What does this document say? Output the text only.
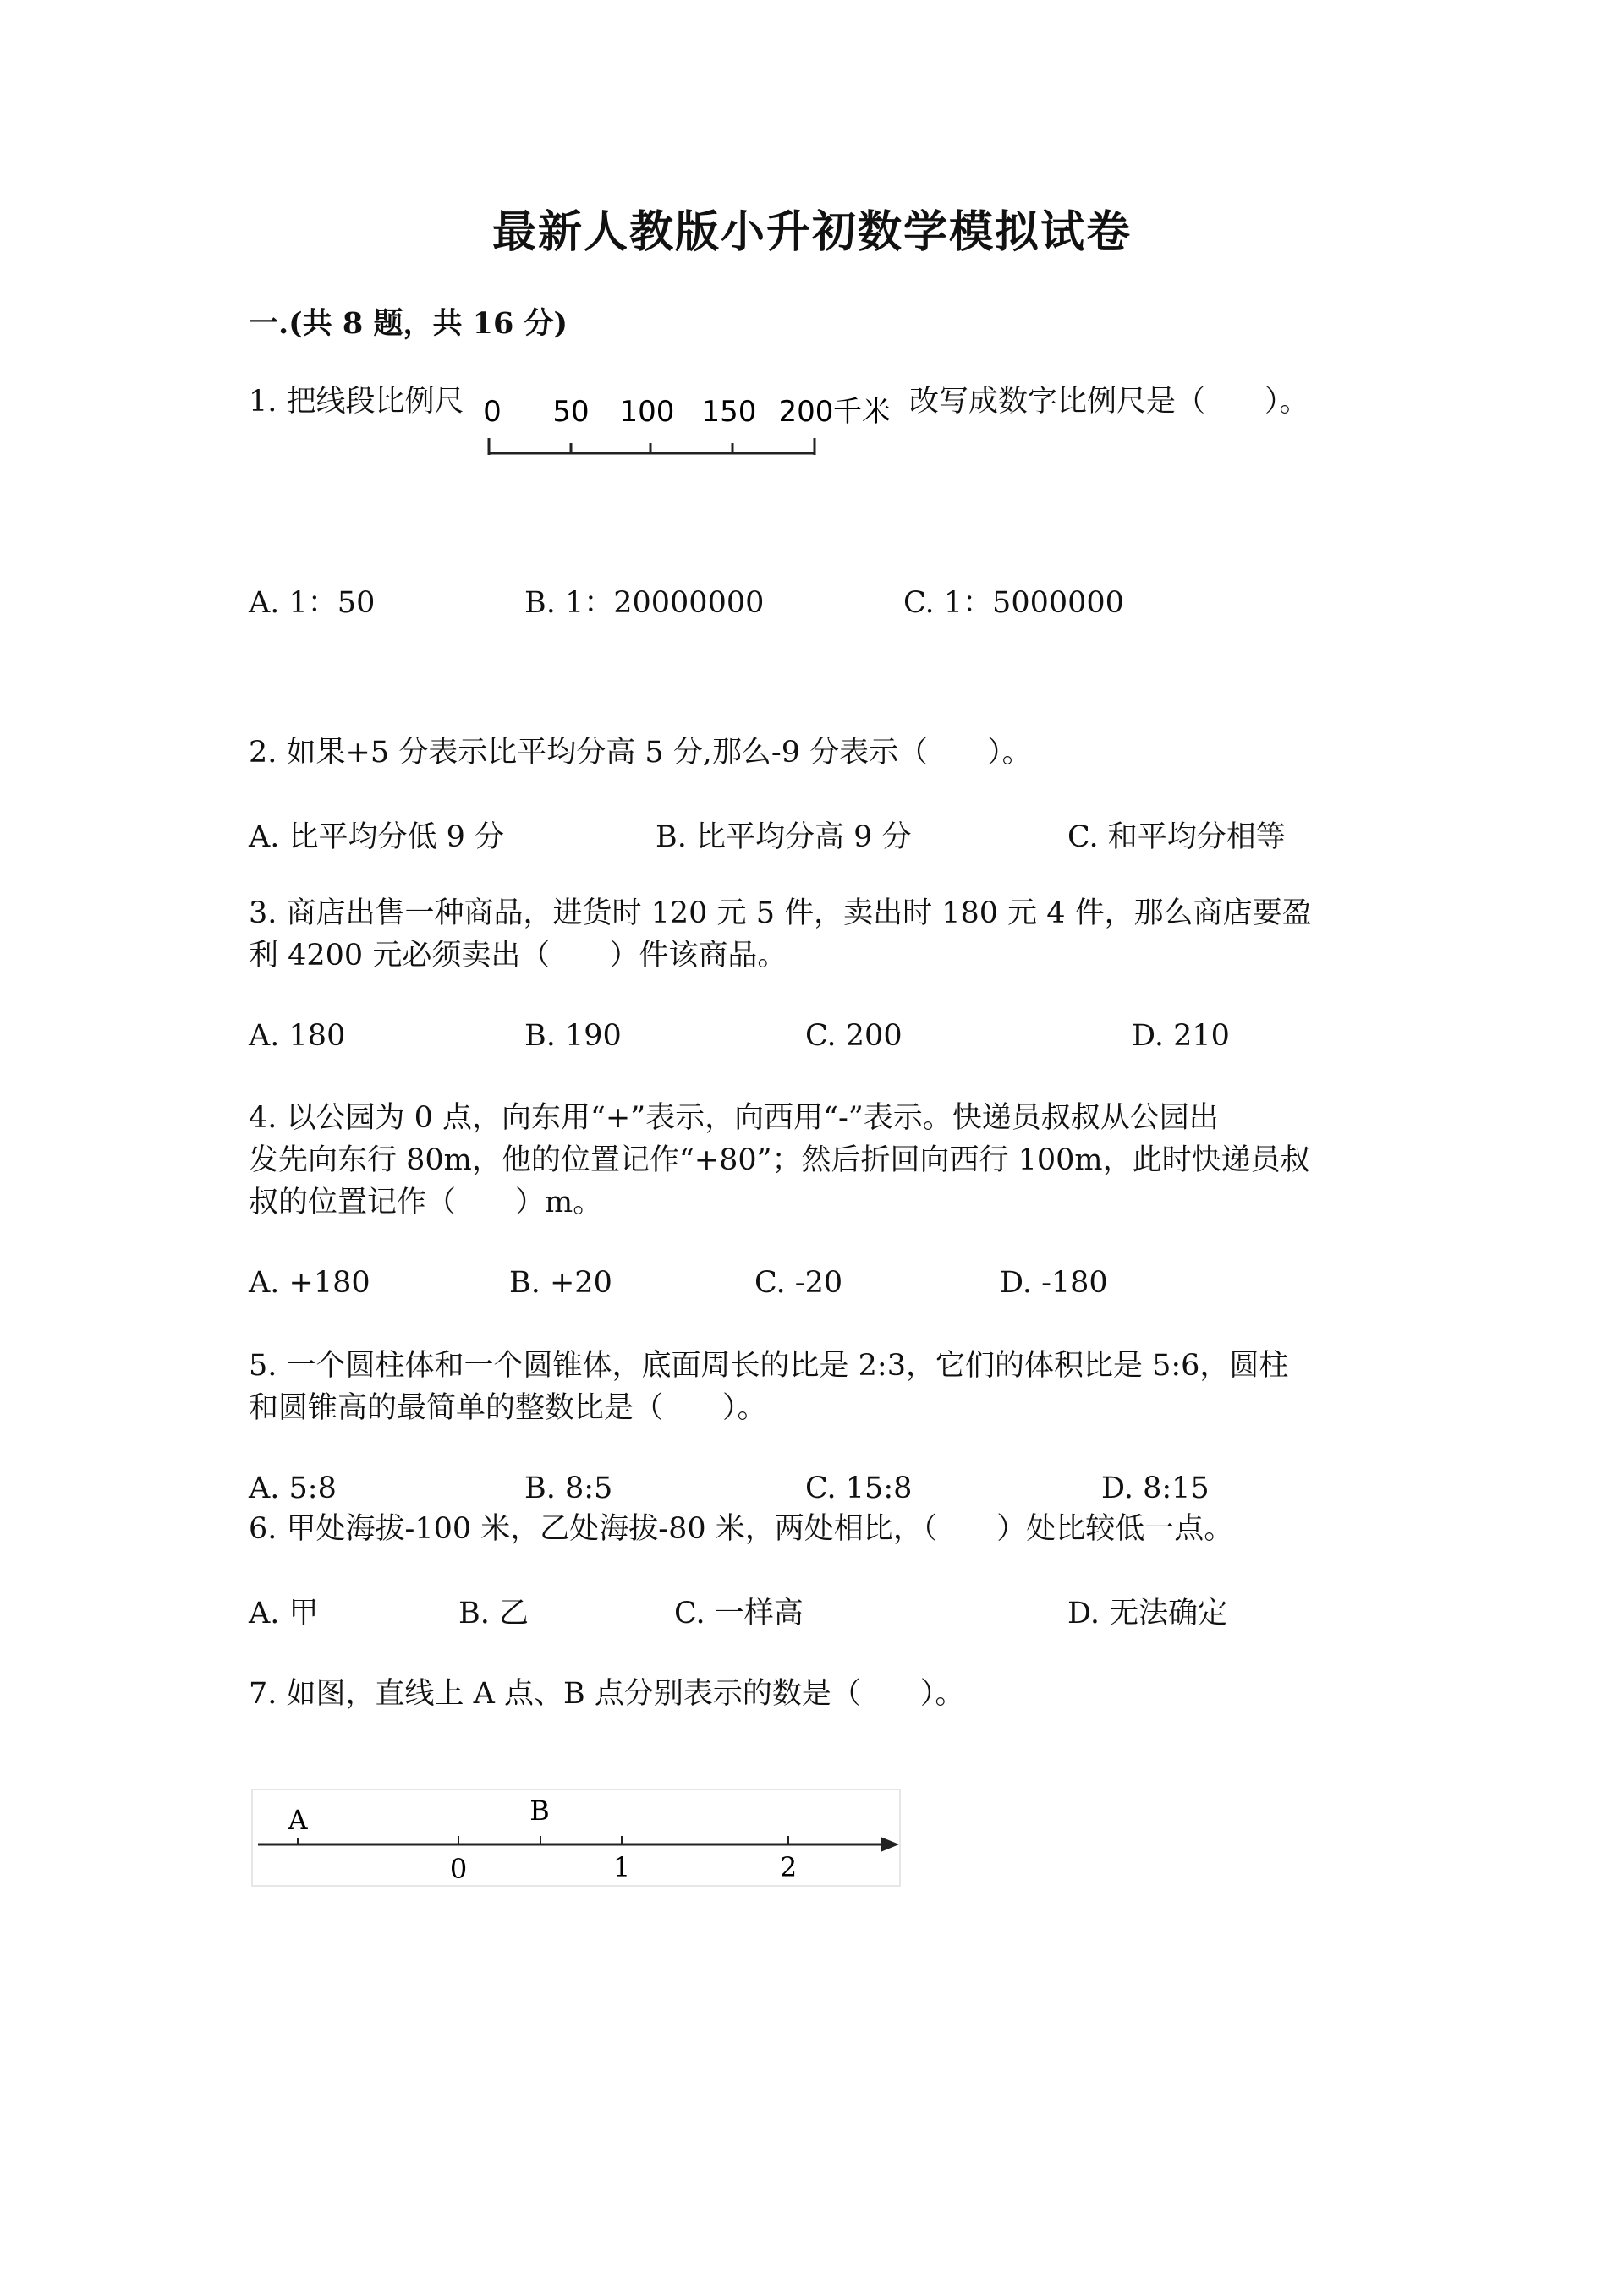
最新人教版小升初数学模拟试卷
一.(共 8 题，共 16 分)
1. 把线段比例尺	改写成数字比例尺是（　　）。
0 50 100 150 200 千米
A. 1：50	B. 1：20000000	C. 1：5000000
2. 如果+5 分表示比平均分高 5 分,那么-9 分表示（　　）。
A. 比平均分低 9 分	B. 比平均分高 9 分	C. 和平均分相等
3. 商店出售一种商品，进货时 120 元 5 件，卖出时 180 元 4 件，那么商店要盈
利 4200 元必须卖出（　　）件该商品。
A. 180	B. 190	C. 200	D. 210
4. 以公园为 0 点，向东用“+”表示，向西用“-”表示。快递员叔叔从公园出
发先向东行 80m，他的位置记作“+80”；然后折回向西行 100m，此时快递员叔
叔的位置记作（　　）m。
A. +180	B. +20	C. -20	D. -180
5. 一个圆柱体和一个圆锥体，底面周长的比是 2:3，它们的体积比是 5:6，圆柱
和圆锥高的最简单的整数比是（　　）。
A. 5:8	B. 8:5	C. 15:8	D. 8:15
6. 甲处海拔-100 米，乙处海拔-80 米，两处相比，（　　）处比较低一点。
A. 甲	B. 乙	C. 一样高	D. 无法确定
7. 如图，直线上 A 点、B 点分别表示的数是（　　）。
A	B
0	1	2
